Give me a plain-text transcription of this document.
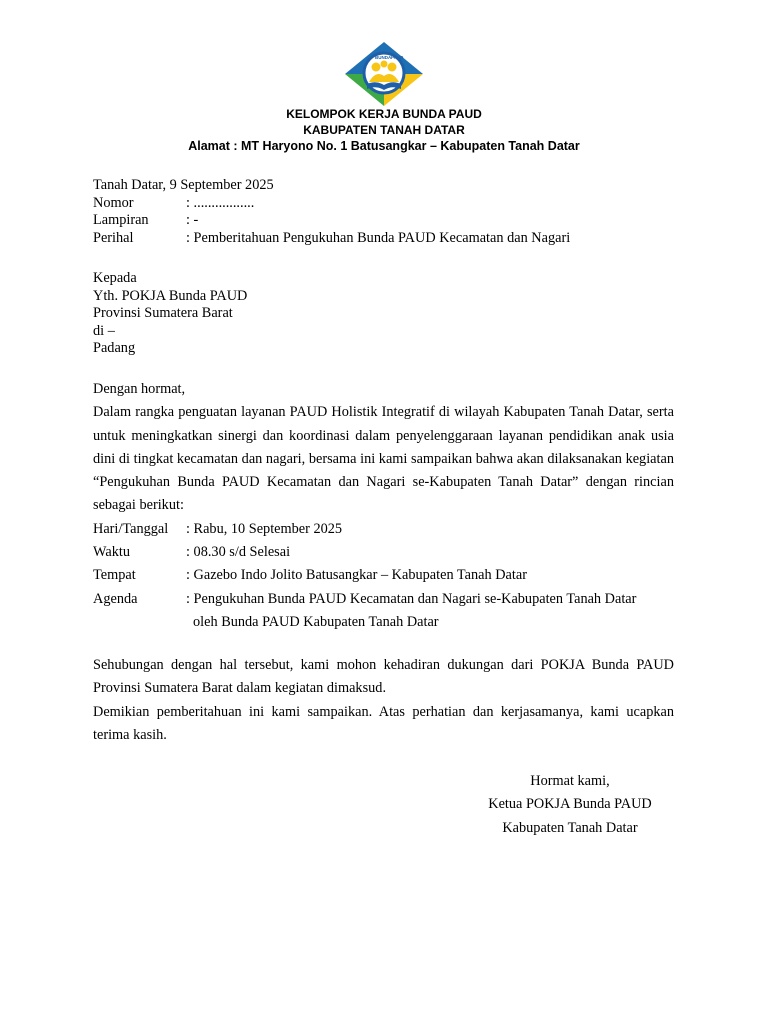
BUNDA PAUD
KELOMPOK KERJA BUNDA PAUD
KABUPATEN TANAH DATAR
Alamat : MT Haryono No. 1 Batusangkar – Kabupaten Tanah Datar
Tanah Datar, 9 September 2025
Nomor	: .................
Lampiran	: -
Perihal	: Pemberitahuan Pengukuhan Bunda PAUD Kecamatan dan Nagari
Kepada
Yth. POKJA Bunda PAUD
Provinsi Sumatera Barat
di –
Padang
Dengan hormat,
Dalam rangka penguatan layanan PAUD Holistik Integratif di wilayah Kabupaten Tanah Datar, serta untuk meningkatkan sinergi dan koordinasi dalam penyelenggaraan layanan pendidikan anak usia dini di tingkat kecamatan dan nagari, bersama ini kami sampaikan bahwa akan dilaksanakan kegiatan “Pengukuhan Bunda PAUD Kecamatan dan Nagari se-Kabupaten Tanah Datar” dengan rincian sebagai berikut:
Hari/Tanggal : Rabu, 10 September 2025
Waktu	: 08.30 s/d Selesai
Tempat	: Gazebo Indo Jolito Batusangkar – Kabupaten Tanah Datar
Agenda	: Pengukuhan Bunda PAUD Kecamatan dan Nagari se-Kabupaten Tanah Datar
oleh Bunda PAUD Kabupaten Tanah Datar
Sehubungan dengan hal tersebut, kami mohon kehadiran dukungan dari POKJA Bunda PAUD Provinsi Sumatera Barat dalam kegiatan dimaksud.
Demikian pemberitahuan ini kami sampaikan. Atas perhatian dan kerjasamanya, kami ucapkan terima kasih.
Hormat kami,
Ketua POKJA Bunda PAUD
Kabupaten Tanah Datar
